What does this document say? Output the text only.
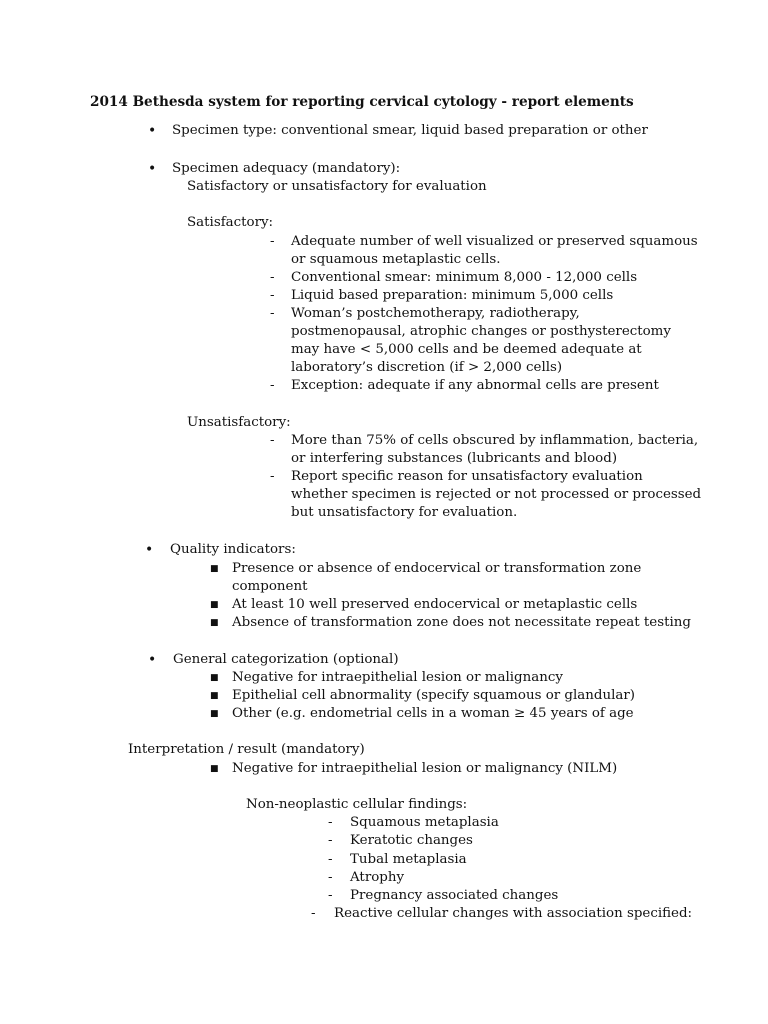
2014 Bethesda system for reporting cervical cytology - report elements
• Specimen type: conventional smear, liquid based preparation or other
• Specimen adequacy (mandatory):
Satisfactory or unsatisfactory for evaluation
Satisfactory:
- Adequate number of well visualized or preserved squamous
or squamous metaplastic cells.
- Conventional smear: minimum 8,000 - 12,000 cells
- Liquid based preparation: minimum 5,000 cells
- Woman’s postchemotherapy, radiotherapy,
postmenopausal, atrophic changes or posthysterectomy
may have < 5,000 cells and be deemed adequate at
laboratory’s discretion (if > 2,000 cells)
- Exception: adequate if any abnormal cells are present
Unsatisfactory:
- More than 75% of cells obscured by inflammation, bacteria,
or interfering substances (lubricants and blood)
- Report specific reason for unsatisfactory evaluation
whether specimen is rejected or not processed or processed
but unsatisfactory for evaluation.
• Quality indicators:
■ Presence or absence of endocervical or transformation zone
component
■ At least 10 well preserved endocervical or metaplastic cells
■ Absence of transformation zone does not necessitate repeat testing
• General categorization (optional)
■ Negative for intraepithelial lesion or malignancy
■ Epithelial cell abnormality (specify squamous or glandular)
■ Other (e.g. endometrial cells in a woman ≥ 45 years of age
Interpretation / result (mandatory)
■ Negative for intraepithelial lesion or malignancy (NILM)
Non-neoplastic cellular findings:
- Squamous metaplasia
- Keratotic changes
- Tubal metaplasia
- Atrophy
- Pregnancy associated changes
- Reactive cellular changes with association specified:
